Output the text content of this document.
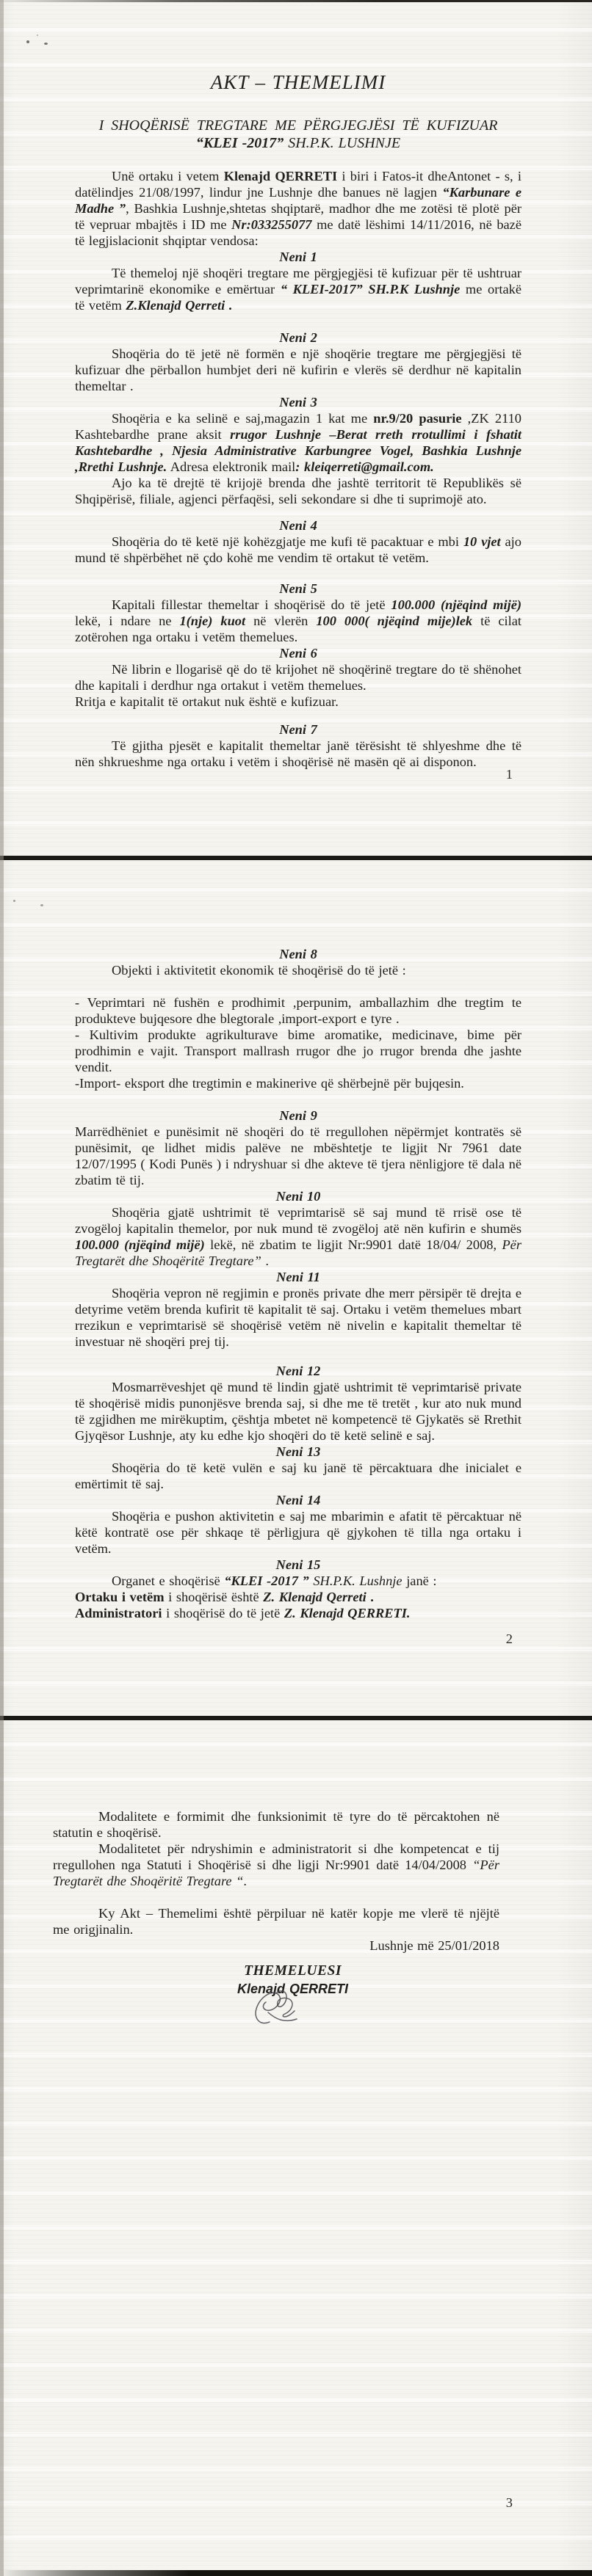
AKT – THEMELIMI
I SHOQËRISË TREGTARE ME PËRGJEGJËSI TË KUFIZUAR
“KLEI -2017” SH.P.K. LUSHNJE
Unë ortaku i vetem Klenajd QERRETI i biri i Fatos-it dheAntonet - s, i datëlindjes 21/08/1997, lindur jne Lushnje dhe banues në lagjen “Karbunare e Madhe ”, Bashkia Lushnje,shtetas shqiptarë, madhor dhe me zotësi të plotë për të vepruar mbajtës i ID me Nr:033255077 me datë lëshimi 14/11/2016, në bazë të legjislacionit shqiptar vendosa:
Neni 1
Të themeloj një shoqëri tregtare me përgjegjësi të kufizuar për të ushtruar veprimtarinë ekonomike e emërtuar “ KLEI-2017” SH.P.K Lushnje me ortakë të vetëm Z.Klenajd Qerreti .
Neni 2
Shoqëria do të jetë në formën e një shoqërie tregtare me përgjegjësi të kufizuar dhe përballon humbjet deri në kufirin e vlerës së derdhur në kapitalin themeltar .
Neni 3
Shoqëria e ka selinë e saj,magazin 1 kat me nr.9/20 pasurie ,ZK 2110 Kashtebardhe prane aksit rrugor Lushnje –Berat rreth rrotullimi i fshatit Kashtebardhe , Njesia Administrative Karbungree Vogel, Bashkia Lushnje ,Rrethi Lushnje. Adresa elektronik mail: kleiqerreti@gmail.com.
Ajo ka të drejtë të krijojë brenda dhe jashtë territorit të Republikës së Shqipërisë, filiale, agjenci përfaqësi, seli sekondare si dhe ti suprimojë ato.
Neni 4
Shoqëria do të ketë një kohëzgjatje me kufi të pacaktuar e mbi 10 vjet ajo mund të shpërbëhet në çdo kohë me vendim të ortakut të vetëm.
Neni 5
Kapitali fillestar themeltar i shoqërisë do të jetë 100.000 (njëqind mijë) lekë, i ndare ne 1(nje) kuot në vlerën 100 000( njëqind mije)lek të cilat zotërohen nga ortaku i vetëm themelues.
Neni 6
Në librin e llogarisë që do të krijohet në shoqërinë tregtare do të shënohet dhe kapitali i derdhur nga ortakut i vetëm themelues.
Rritja e kapitalit të ortakut nuk është e kufizuar.
Neni 7
Të gjitha pjesët e kapitalit themeltar janë tërësisht të shlyeshme dhe të nën shkrueshme nga ortaku i vetëm i shoqërisë në masën që ai disponon.
1
Neni 8
Objekti i aktivitetit ekonomik të shoqërisë do të jetë :
- Veprimtari në fushën e prodhimit ,perpunim, amballazhim dhe tregtim te produkteve bujqesore dhe blegtorale ,import-export e tyre .
- Kultivim produkte agrikulturave bime aromatike, medicinave, bime për prodhimin e vajit. Transport mallrash rrugor dhe jo rrugor brenda dhe jashte vendit.
-Import- eksport dhe tregtimin e makinerive që shërbejnë për bujqesin.
Neni 9
Marrëdhëniet e punësimit në shoqëri do të rregullohen nëpërmjet kontratës së punësimit, qe lidhet midis palëve ne mbështetje te ligjit Nr 7961 date 12/07/1995 ( Kodi Punës ) i ndryshuar si dhe akteve të tjera nënligjore të dala në zbatim të tij.
Neni 10
Shoqëria gjatë ushtrimit të veprimtarisë së saj mund të rrisë ose të zvogëloj kapitalin themelor, por nuk mund të zvogëloj atë nën kufirin e shumës 100.000 (njëqind mijë) lekë, në zbatim te ligjit Nr:9901 datë 18/04/ 2008, Për Tregtarët dhe Shoqëritë Tregtare” .
Neni 11
Shoqëria vepron në regjimin e pronës private dhe merr përsipër të drejta e detyrime vetëm brenda kufirit të kapitalit të saj. Ortaku i vetëm themelues mbart rrezikun e veprimtarisë së shoqërisë vetëm në nivelin e kapitalit themeltar të investuar në shoqëri prej tij.
Neni 12
Mosmarrëveshjet që mund të lindin gjatë ushtrimit të veprimtarisë private të shoqërisë midis punonjësve brenda saj, si dhe me të tretët , kur ato nuk mund të zgjidhen me mirëkuptim, çështja mbetet në kompetencë të Gjykatës së Rrethit Gjyqësor Lushnje, aty ku edhe kjo shoqëri do të ketë selinë e saj.
Neni 13
Shoqëria do të ketë vulën e saj ku janë të përcaktuara dhe inicialet e emërtimit të saj.
Neni 14
Shoqëria e pushon aktivitetin e saj me mbarimin e afatit të përcaktuar në këtë kontratë ose për shkaqe të përligjura që gjykohen të tilla nga ortaku i vetëm.
Neni 15
Organet e shoqërisë “KLEI -2017 ” SH.P.K. Lushnje janë :
Ortaku i vetëm i shoqërisë është Z. Klenajd Qerreti .
Administratori i shoqërisë do të jetë Z. Klenajd QERRETI.
2
Modalitete e formimit dhe funksionimit të tyre do të përcaktohen në statutin e shoqërisë.
Modalitetet për ndryshimin e administratorit si dhe kompetencat e tij rregullohen nga Statuti i Shoqërisë si dhe ligji Nr:9901 datë 14/04/2008 “Për Tregtarët dhe Shoqëritë Tregtare “.
Ky Akt – Themelimi është përpiluar në katër kopje me vlerë të njëjtë me origjinalin.
Lushnje më 25/01/2018
THEMELUESI
Klenajd QERRETI
3
